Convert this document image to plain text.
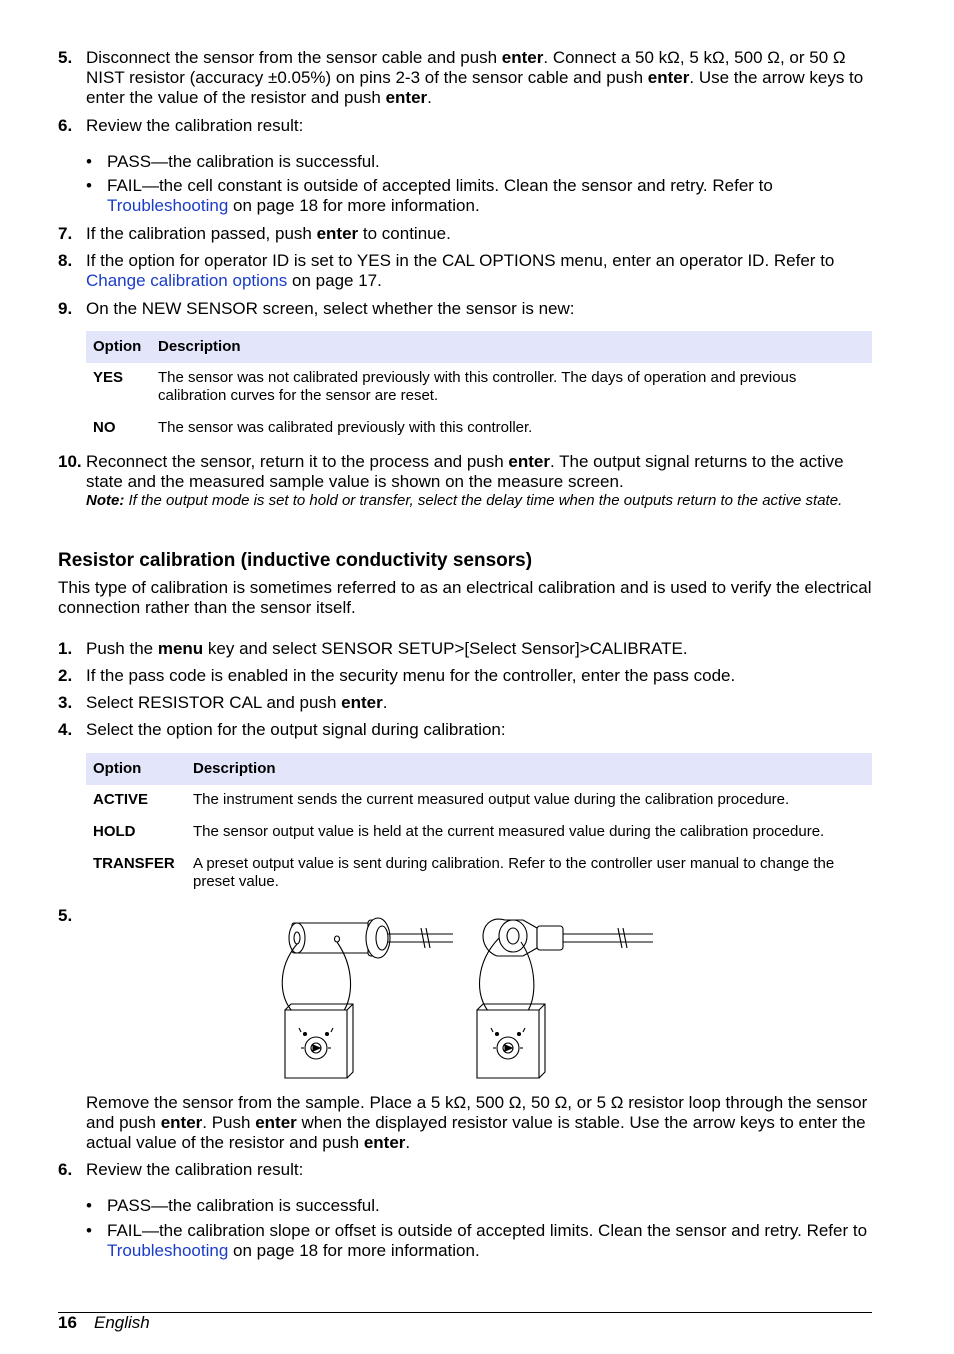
5. Disconnect the sensor from the sensor cable and push enter. Connect a 50 kΩ, 5 kΩ, 500 Ω, or 50 Ω NIST resistor (accuracy ±0.05%) on pins 2-3 of the sensor cable and push enter. Use the arrow keys to enter the value of the resistor and push enter.
6. Review the calibration result:
• PASS—the calibration is successful.
• FAIL—the cell constant is outside of accepted limits. Clean the sensor and retry. Refer to Troubleshooting on page 18 for more information.
7. If the calibration passed, push enter to continue.
8. If the option for operator ID is set to YES in the CAL OPTIONS menu, enter an operator ID. Refer to Change calibration options on page 17.
9. On the NEW SENSOR screen, select whether the sensor is new:
Option Description
YES The sensor was not calibrated previously with this controller. The days of operation and previous calibration curves for the sensor are reset.
NO	The sensor was calibrated previously with this controller.
10. Reconnect the sensor, return it to the process and push enter. The output signal returns to the active state and the measured sample value is shown on the measure screen.
Note: If the output mode is set to hold or transfer, select the delay time when the outputs return to the active state.
Resistor calibration (inductive conductivity sensors)
This type of calibration is sometimes referred to as an electrical calibration and is used to verify the electrical connection rather than the sensor itself.
1. Push the menu key and select SENSOR SETUP>[Select Sensor]>CALIBRATE.
2. If the pass code is enabled in the security menu for the controller, enter the pass code.
3. Select RESISTOR CAL and push enter.
4. Select the option for the output signal during calibration:
Option	Description
ACTIVE	The instrument sends the current measured output value during the calibration procedure.
HOLD	The sensor output value is held at the current measured value during the calibration procedure.
TRANSFER A preset output value is sent during calibration. Refer to the controller user manual to change the preset value.
5.
Remove the sensor from the sample. Place a 5 kΩ, 500 Ω, 50 Ω, or 5 Ω resistor loop through the sensor and push enter. Push enter when the displayed resistor value is stable. Use the arrow keys to enter the actual value of the resistor and push enter.
6. Review the calibration result:
• PASS—the calibration is successful.
• FAIL—the calibration slope or offset is outside of accepted limits. Clean the sensor and retry. Refer to Troubleshooting on page 18 for more information.
16 English
